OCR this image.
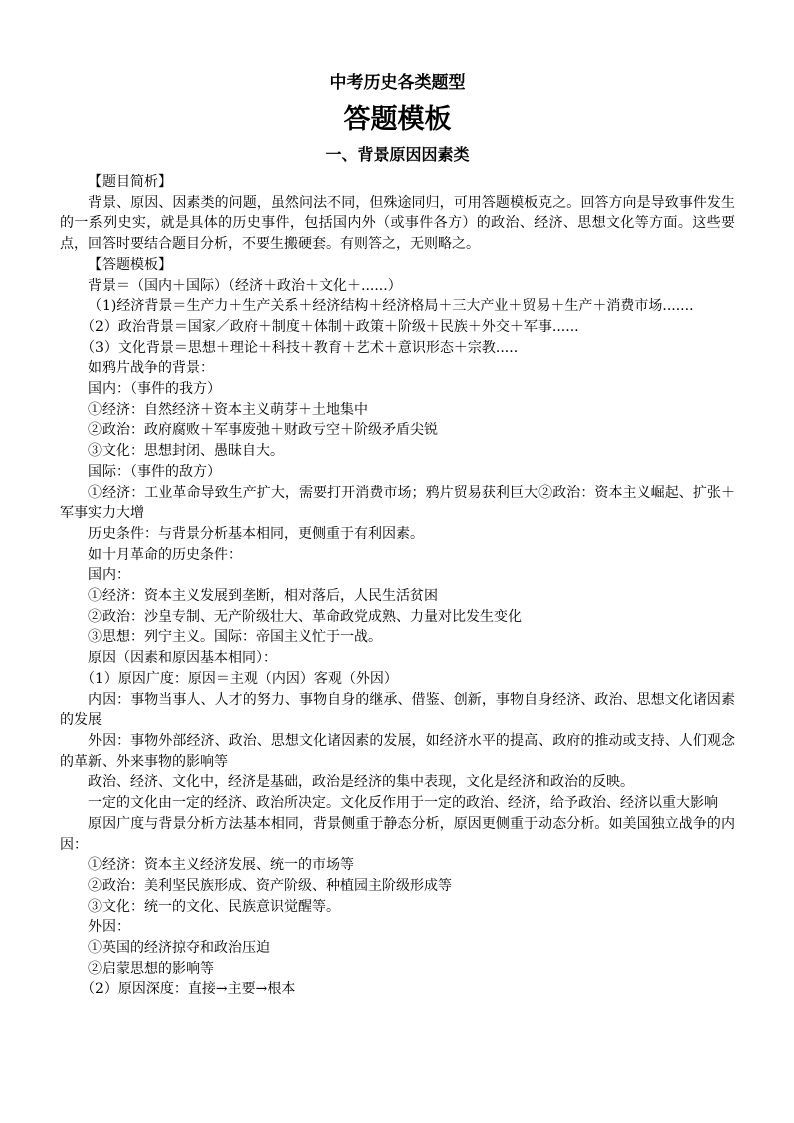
中考历史各类题型

答题模板

一、背景原因因素类

【题目简析】

背景、原因、因素类的问题，虽然问法不同，但殊途同归，可用答题模板克之。回答方向是导致事件发生的一系列史实，就是具体的历史事件，包括国内外（或事件各方）的政治、经济、思想文化等方面。这些要点，回答时要结合题目分析，不要生搬硬套。有则答之，无则略之。

【答题模板】

背景＝（国内＋国际）（经济＋政治＋文化＋......）

（1)经济背景＝生产力＋生产关系＋经济结构＋经济格局＋三大产业＋贸易＋生产＋消费市场.......

（2）政治背景＝国家／政府＋制度＋体制＋政策＋阶级＋民族＋外交＋军事......

（3）文化背景＝思想＋理论＋科技＋教育＋艺术＋意识形态＋宗教.....

如鸦片战争的背景：

国内：（事件的我方）

①经济：自然经济＋资本主义萌芽＋土地集中

②政治：政府腐败＋军事废弛＋财政亏空＋阶级矛盾尖锐

③文化：思想封闭、愚昧自大。

国际：（事件的敌方）

①经济：工业革命导致生产扩大，需要打开消费市场；鸦片贸易获利巨大②政治：资本主义崛起、扩张＋军事实力大增

历史条件：与背景分析基本相同，更侧重于有利因素。

如十月革命的历史条件：

国内：

①经济：资本主义发展到垄断，相对落后，人民生活贫困

②政治：沙皇专制、无产阶级壮大、革命政党成熟、力量对比发生变化

③思想：列宁主义。国际：帝国主义忙于一战。

原因（因素和原因基本相同）：

（1）原因广度：原因＝主观（内因）客观（外因）

内因：事物当事人、人才的努力、事物自身的继承、借鉴、创新，事物自身经济、政治、思想文化诸因素的发展

外因：事物外部经济、政治、思想文化诸因素的发展，如经济水平的提高、政府的推动或支持、人们观念的革新、外来事物的影响等

政治、经济、文化中，经济是基础，政治是经济的集中表现，文化是经济和政治的反映。

一定的文化由一定的经济、政治所决定。文化反作用于一定的政治、经济，给予政治、经济以重大影响

原因广度与背景分析方法基本相同，背景侧重于静态分析，原因更侧重于动态分析。如美国独立战争的内因：

①经济：资本主义经济发展、统一的市场等

②政治：美利坚民族形成、资产阶级、种植园主阶级形成等

③文化：统一的文化、民族意识觉醒等。

外因：

①英国的经济掠夺和政治压迫

②启蒙思想的影响等

（2）原因深度：直接→主要→根本
